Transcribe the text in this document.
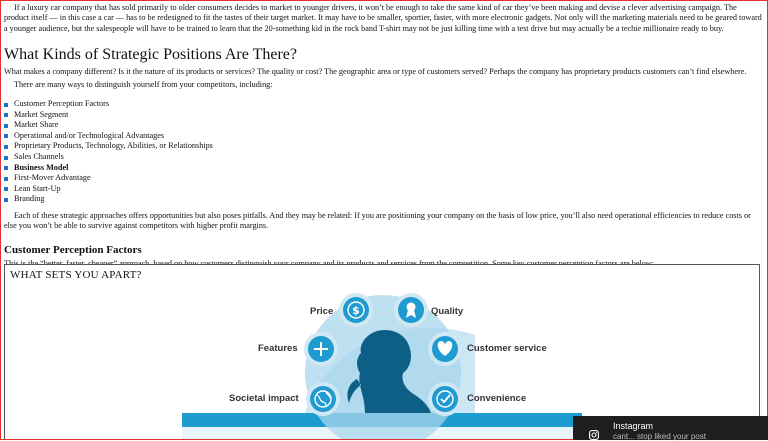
If a luxury car company that has sold primarily to older consumers decides to market to younger drivers, it won’t be enough to take the same kind of car they’ve been making and devise a clever advertising campaign. The product itself — in this case a car — has to be redesigned to fit the tastes of their target market. It may have to be smaller, sportier, faster, with more electronic gadgets. Not only will the marketing materials need to be geared toward a younger audience, but the salespeople will have to be trained to learn that the 20-something kid in the rock band T-shirt may not be just killing time with a test drive but may actually be a techie millionaire ready to buy.

What Kinds of Strategic Positions Are There?

What makes a company different? Is it the nature of its products or services? The quality or cost? The geographic area or type of customers served? Perhaps the company has proprietary products customers can’t find elsewhere.

There are many ways to distinguish yourself from your competitors, including:

Customer Perception Factors
Market Segment
Market Share
Operational and/or Technological Advantages
Proprietary Products, Technology, Abilities, or Relationships
Sales Channels
Business Model
First-Mover Advantage
Lean Start-Up
Branding

Each of these strategic approaches offers opportunities but also poses pitfalls. And they may be related: If you are positioning your company on the basis of low price, you’ll also need operational efficiencies to reduce costs or else you won’t be able to survive against competitors with higher profit margins.

Customer Perception Factors

$
WHAT SETS YOU APART?
Price	Quality
Features	Customer service
Societal impact	Convenience
Instagram
cant... stop liked your post
